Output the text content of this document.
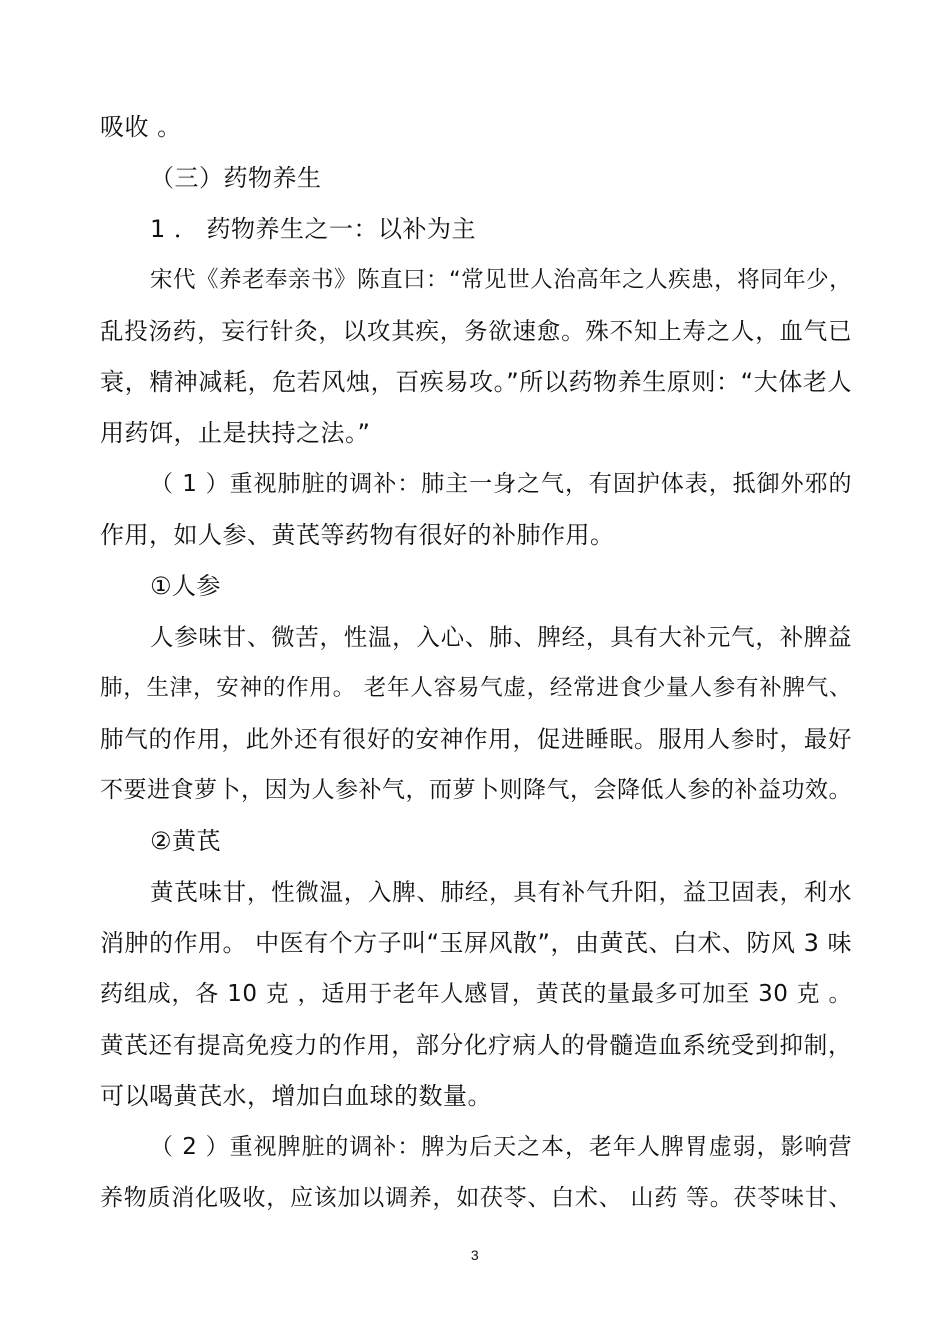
吸收 。
（三）药物养生
1 ． 药物养生之一：以补为主
宋代《养老奉亲书》陈直曰：“常见世人治高年之人疾患，将同年少，
乱投汤药，妄行针灸，以攻其疾，务欲速愈。殊不知上寿之人，血气已
衰，精神减耗，危若风烛，百疾易攻。”所以药物养生原则：“大体老人
用药饵，止是扶持之法。”
（ 1 ）重视肺脏的调补：肺主一身之气，有固护体表，抵御外邪的
作用，如人参、黄芪等药物有很好的补肺作用。
①人参
人参味甘、微苦，性温，入心、肺、脾经，具有大补元气，补脾益
肺，生津，安神的作用。 老年人容易气虚，经常进食少量人参有补脾气、
肺气的作用，此外还有很好的安神作用，促进睡眠。服用人参时，最好
不要进食萝卜，因为人参补气，而萝卜则降气，会降低人参的补益功效。
②黄芪
黄芪味甘，性微温，入脾、肺经，具有补气升阳，益卫固表，利水
消肿的作用。 中医有个方子叫“玉屏风散”，由黄芪、白术、防风 3 味
药组成，各 10 克 ，适用于老年人感冒，黄芪的量最多可加至 30 克 。
黄芪还有提高免疫力的作用，部分化疗病人的骨髓造血系统受到抑制，
可以喝黄芪水，增加白血球的数量。
（ 2 ）重视脾脏的调补：脾为后天之本，老年人脾胃虚弱，影响营
养物质消化吸收，应该加以调养，如茯苓、白术、 山药 等。茯苓味甘、
3
